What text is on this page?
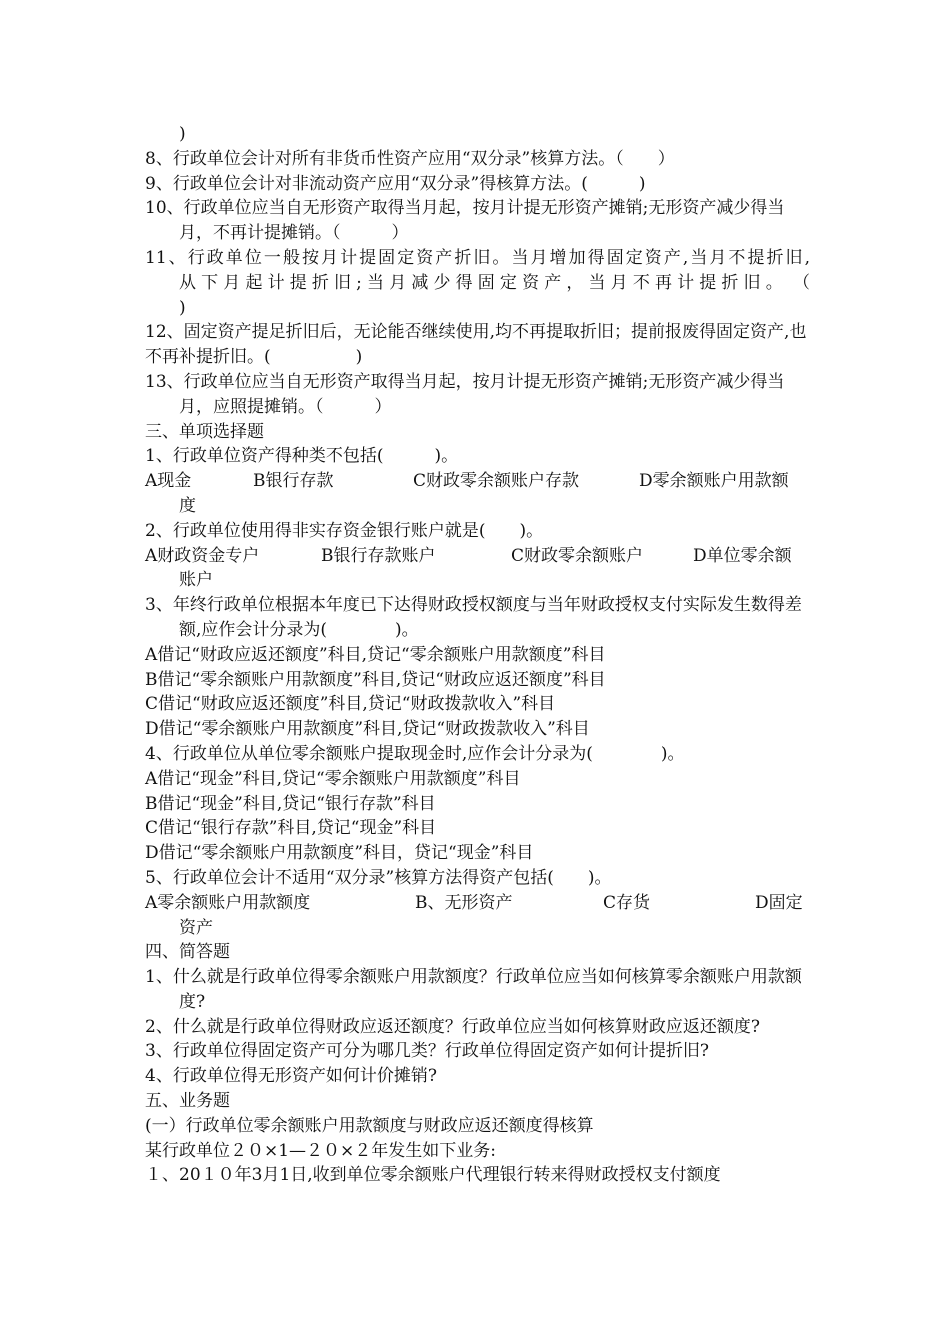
)

8、行政单位会计对所有非货币性资产应用“双分录”核算方法。（　　）

9、行政单位会计对非流动资产应用“双分录”得核算方法。(　　　)

10、行政单位应当自无形资产取得当月起，按月计提无形资产摊销;无形资产减少得当月，不再计提摊销。（　　　）

11、行政单位一般按月计提固定资产折旧。当月增加得固定资产,当月不提折旧,

从下月起计提折旧;当月减少得固定资产，当月不再计提折旧。　（

)

12、固定资产提足折旧后，无论能否继续使用,均不再提取折旧；提前报废得固定资产,也不再补提折旧。(　　　　　)

13、行政单位应当自无形资产取得当月起，按月计提无形资产摊销;无形资产减少得当月，应照提摊销。（　　　）

三、单项选择题

1、行政单位资产得种类不包括(　　　)。

A现金	B银行存款	C财政零余额账户存款	D零余额账户用款额

度

2、行政单位使用得非实存资金银行账户就是(　　)。

A财政资金专户	B银行存款账户	C财政零余额账户	D单位零余额

账户

3、年终行政单位根据本年度已下达得财政授权额度与当年财政授权支付实际发生数得差额,应作会计分录为(　　　　)。

A借记“财政应返还额度”科目,贷记“零余额账户用款额度”科目

B借记“零余额账户用款额度”科目,贷记“财政应返还额度”科目

C借记“财政应返还额度”科目,贷记“财政拨款收入”科目

D借记“零余额账户用款额度”科目,贷记“财政拨款收入”科目

4、行政单位从单位零余额账户提取现金时,应作会计分录为(　　　　)。

A借记“现金”科目,贷记“零余额账户用款额度”科目

B借记“现金”科目,贷记“银行存款”科目

C借记“银行存款”科目,贷记“现金”科目

D借记“零余额账户用款额度”科目，贷记“现金”科目

5、行政单位会计不适用“双分录”核算方法得资产包括(　　)。

A零余额账户用款额度	B、无形资产	C存货	D固定

资产

四、简答题

1、什么就是行政单位得零余额账户用款额度？行政单位应当如何核算零余额账户用款额度?

2、什么就是行政单位得财政应返还额度？行政单位应当如何核算财政应返还额度?

3、行政单位得固定资产可分为哪几类？行政单位得固定资产如何计提折旧?

4、行政单位得无形资产如何计价摊销?

五、业务题

(一）行政单位零余额账户用款额度与财政应返还额度得核算

某行政单位２０×1—２０×２年发生如下业务:

１、20１０年3月1日,收到单位零余额账户代理银行转来得财政授权支付额度
